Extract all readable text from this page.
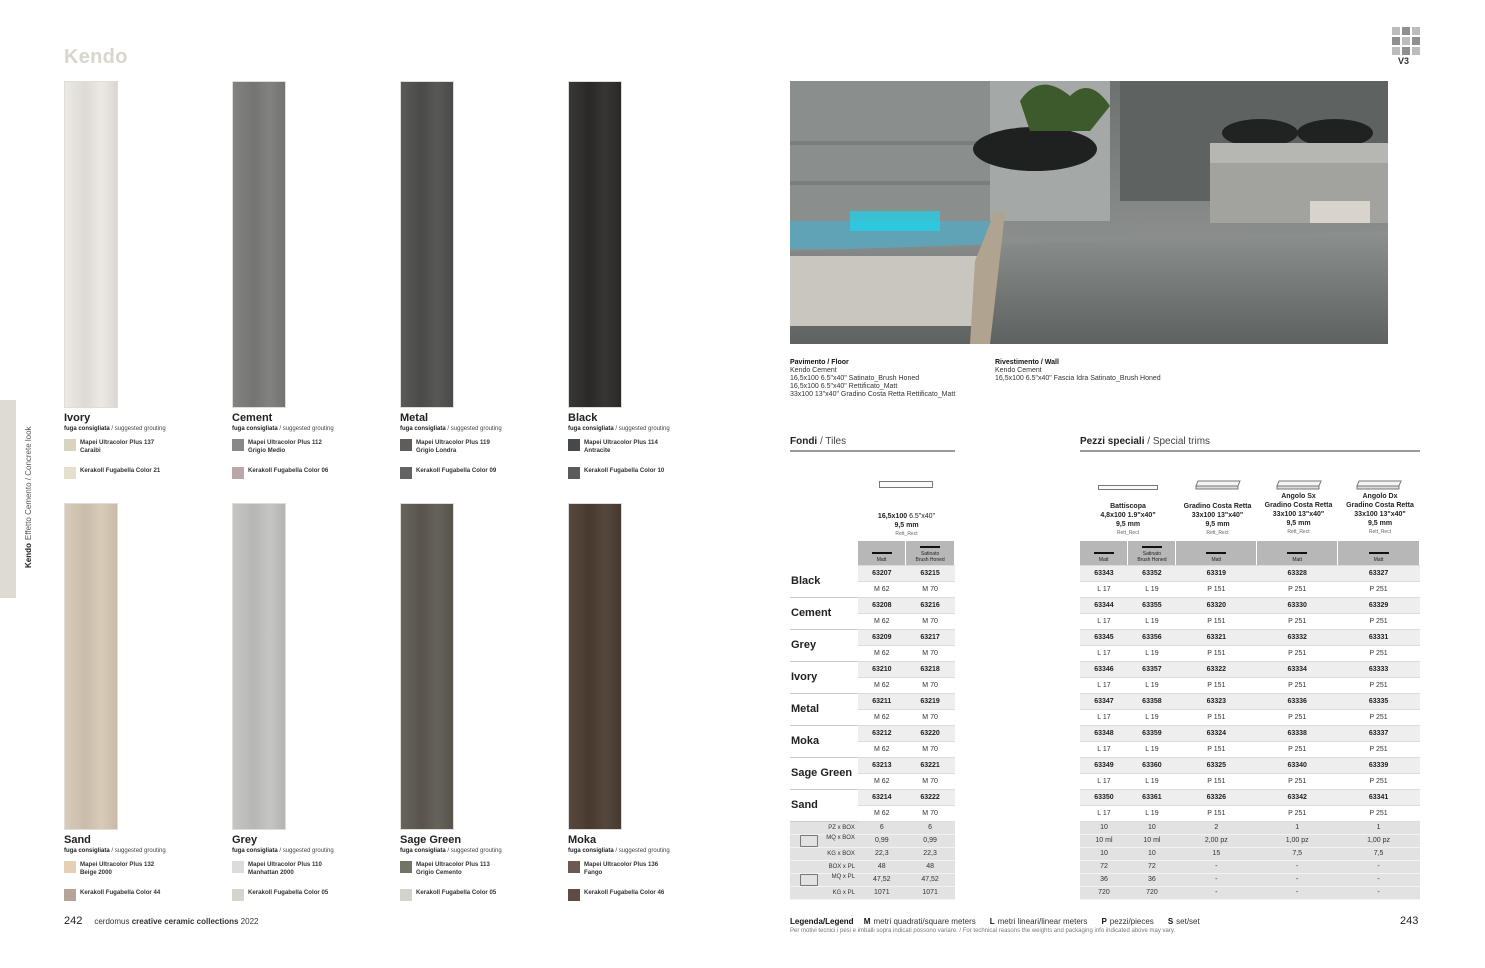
Kendo
KendoEffetto Cemento / Concrete look
V3
Ivory
fuga consigliata / suggested grouting
Mapei Ultracolor Plus 137
Caraibi
Kerakoll Fugabella Color 21
Cement
fuga consigliata / suggested grouting
Mapei Ultracolor Plus 112
Grigio Medio
Kerakoll Fugabella Color 06
Metal
fuga consigliata / suggested grouting
Mapei Ultracolor Plus 119
Grigio Londra
Kerakoll Fugabella Color 09
Black
fuga consigliata / suggested grouting
Mapei Ultracolor Plus 114
Antracite
Kerakoll Fugabella Color 10
Sand
fuga consigliata / suggested grouting
Mapei Ultracolor Plus 132
Beige 2000
Kerakoll Fugabella Color 44
Grey
fuga consigliata / suggested grouting
Mapei Ultracolor Plus 110
Manhattan 2000
Kerakoll Fugabella Color 05
Sage Green
fuga consigliata / suggested grouting
Mapei Ultracolor Plus 113
Grigio Cemento
Kerakoll Fugabella Color 05
Moka
fuga consigliata / suggested grouting
Mapei Ultracolor Plus 136
Fango
Kerakoll Fugabella Color 46
Pavimento / Floor
Kendo Cement
16,5x100 6.5"x40" Satinato_Brush Honed
16,5x100 6.5"x40" Rettificato_Matt
33x100 13"x40" Gradino Costa Retta Rettificato_Matt
Rivestimento / Wall
Kendo Cement
16,5x100 6.5"x40" Fascia Idra Satinato_Brush Honed
Fondi / Tiles	Pezzi speciali / Special trims
16,5x100 6.5"x40"
9,5 mm
Rett_Rect
	Matt	Satinato
Brush Honed
Black	63207	63215
	M 62	M 70
Cement	63208	63216
	M 62	M 70
Grey	63209	63217
	M 62	M 70
Ivory	63210	63218
	M 62	M 70
Metal	63211	63219
	M 62	M 70
Moka	63212	63220
	M 62	M 70
Sage Green	63213	63221
	M 62	M 70
Sand	63214	63222
	M 62	M 70
PZ x BOX	6	6

MQ x BOX	0,99	0,99
KG x BOX	22,3	22,3
BOX x PL	48	48

MQ x PL	47,52	47,52
KG x PL	1071	1071
Battiscopa
4,8x100 1.9"x40"
9,5 mm
Rett_Rect
Gradino Costa Retta
33x100 13"x40"
9,5 mm
Rett_Rect
Angolo Sx
Gradino Costa Retta
33x100 13"x40"
9,5 mm
Rett_Rect
Angolo Dx
Gradino Costa Retta
33x100 13"x40"
9,5 mm
Rett_Rect
Matt	Satinato
Brush Honed	Matt	Matt	Matt
63343	63352	63319	63328	63327
L 17	L 19	P 151	P 251	P 251
63344	63355	63320	63330	63329
L 17	L 19	P 151	P 251	P 251
63345	63356	63321	63332	63331
L 17	L 19	P 151	P 251	P 251
63346	63357	63322	63334	63333
L 17	L 19	P 151	P 251	P 251
63347	63358	63323	63336	63335
L 17	L 19	P 151	P 251	P 251
63348	63359	63324	63338	63337
L 17	L 19	P 151	P 251	P 251
63349	63360	63325	63340	63339
L 17	L 19	P 151	P 251	P 251
63350	63361	63326	63342	63341
L 17	L 19	P 151	P 251	P 251
10	10	2	1	1
10 ml	10 ml	2,00 pz	1,00 pz	1,00 pz
10	10	15	7,5	7,5
72	72	-	-	-
36	36	-	-	-
720	720	-	-	-
242 cerdomus creative ceramic collections 2022	243
Legenda/Legend M metri quadrati/square meters L metri lineari/linear meters P pezzi/pieces S set/set
Per motivi tecnici i pesi e imballi sopra indicati possono variare. / For technical reasons the weights and packaging info indicated above may vary.
